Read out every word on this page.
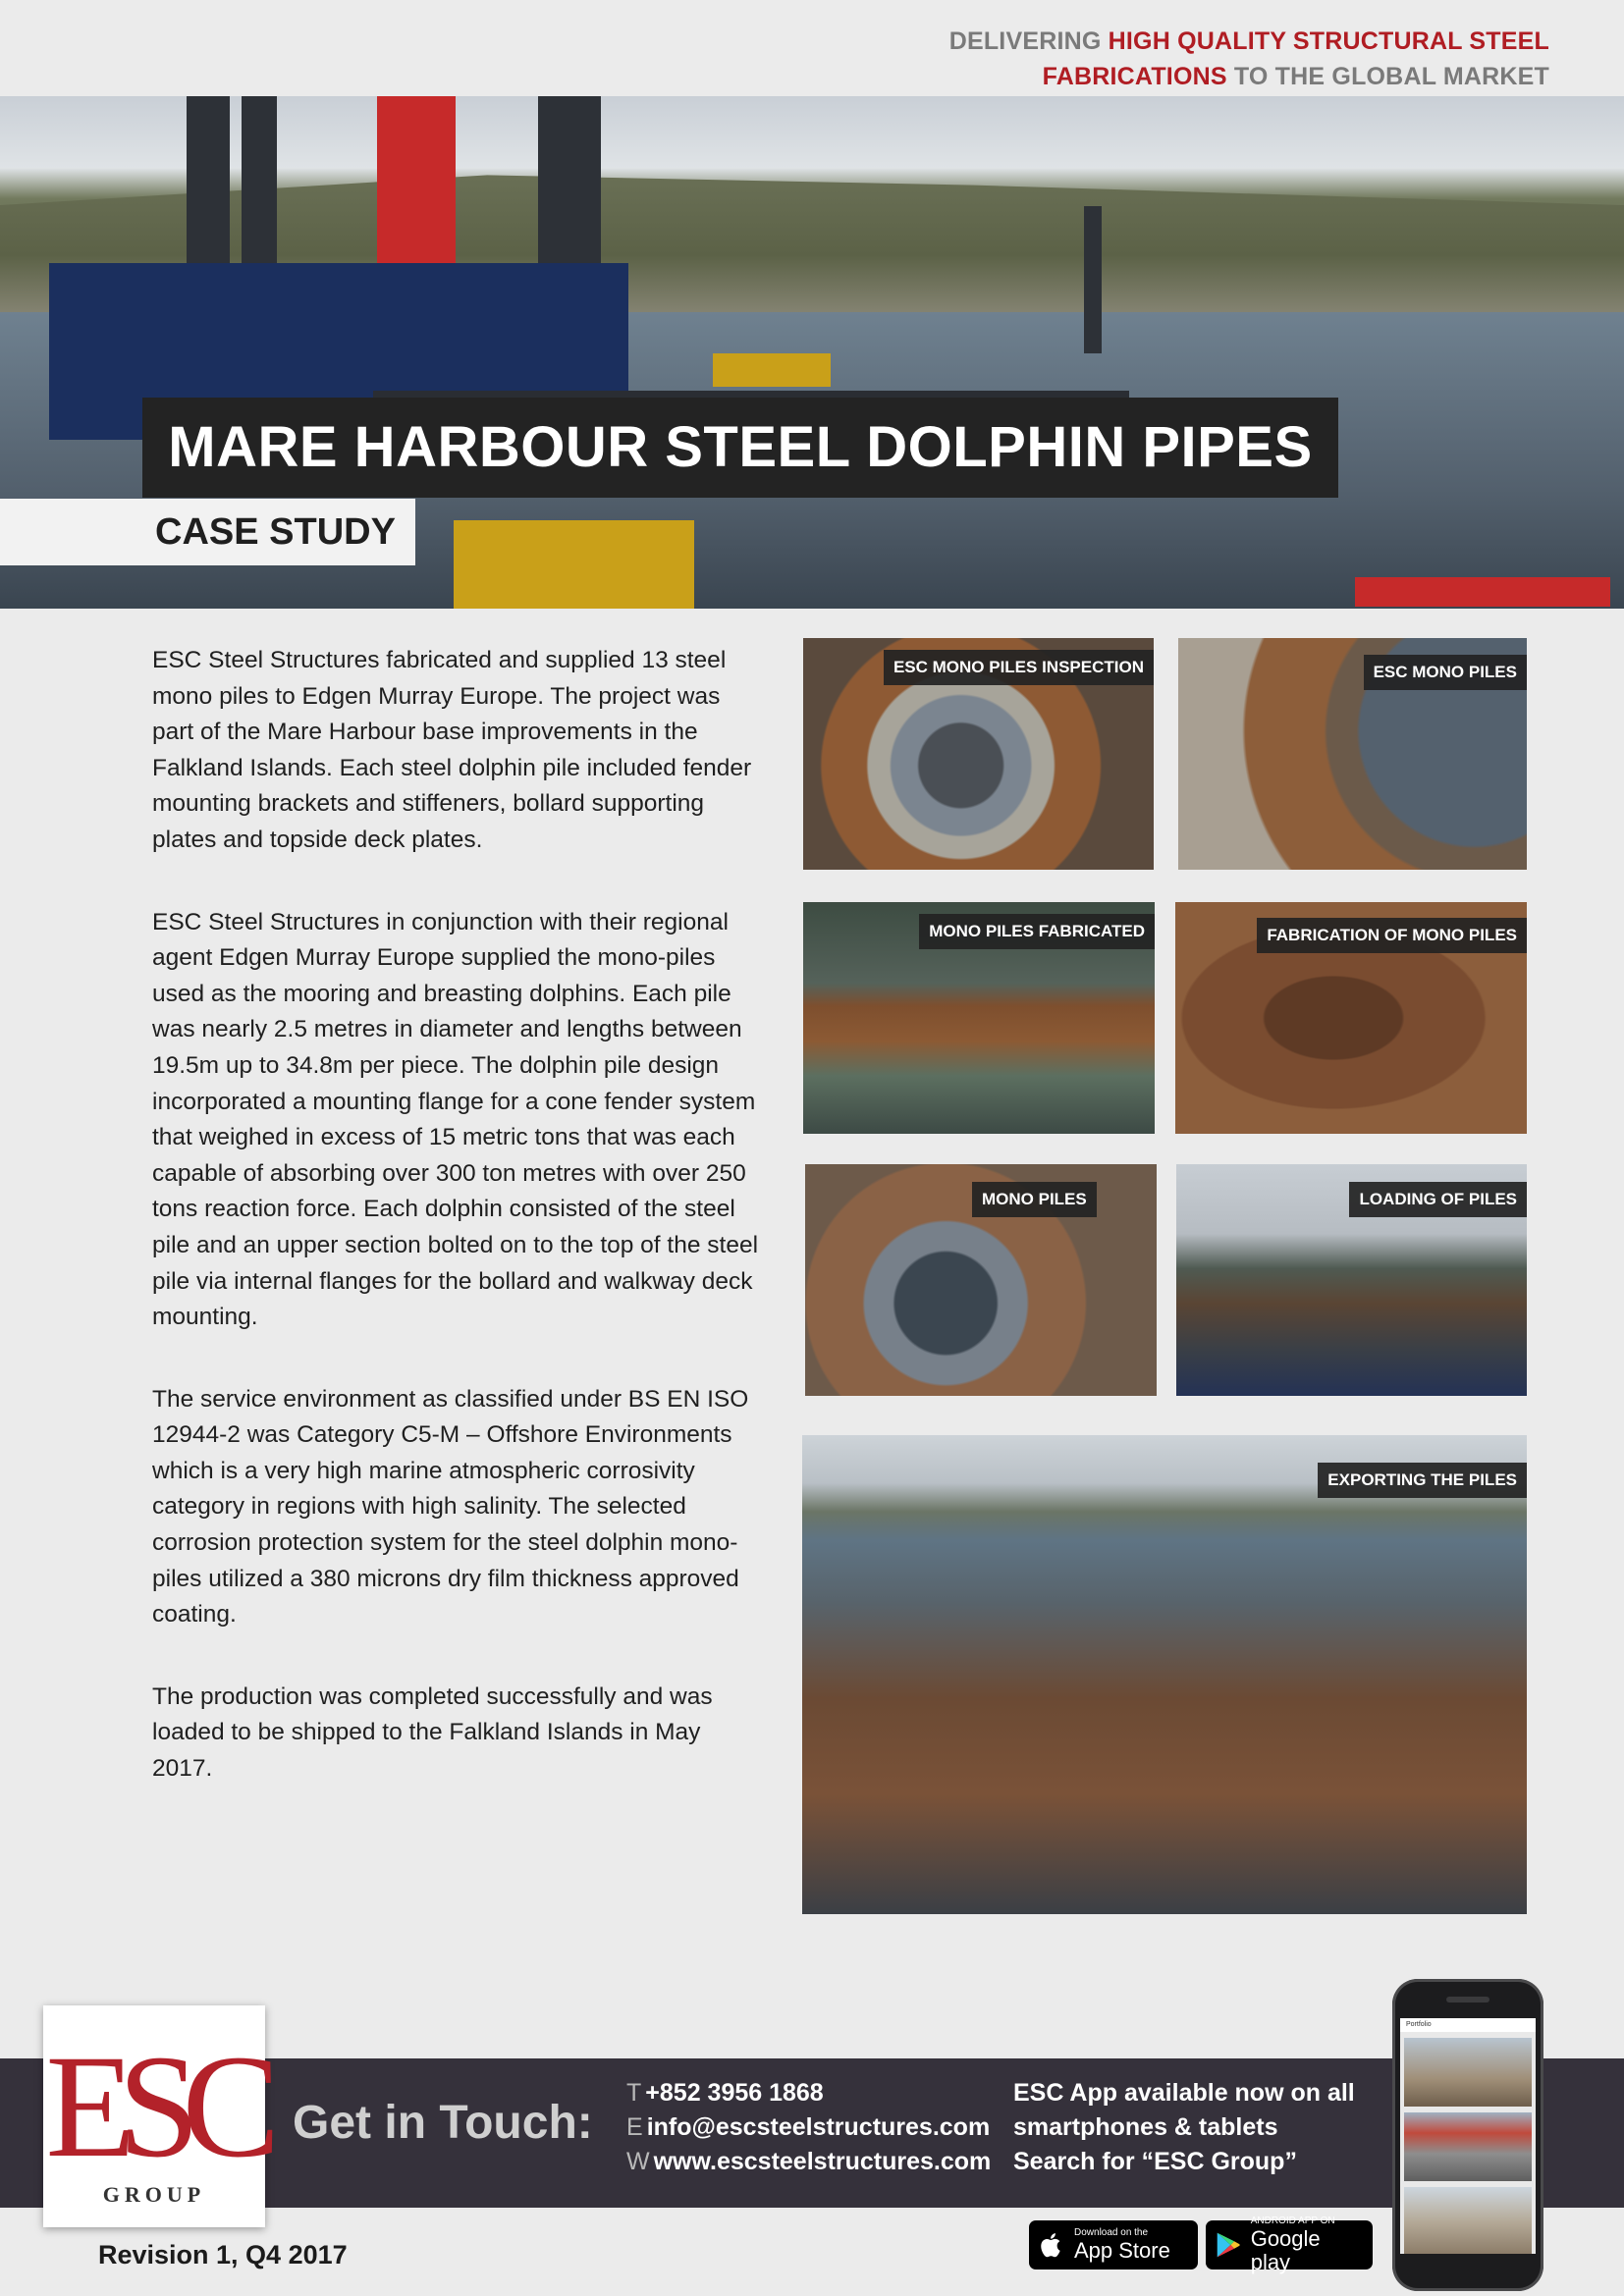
DELIVERING HIGH QUALITY STRUCTURAL STEEL
FABRICATIONS TO THE GLOBAL MARKET
MARE HARBOUR STEEL DOLPHIN PIPES
CASE STUDY

ESC Steel Structures fabricated and supplied 13 steel mono piles to Edgen Murray Europe. The project was part of the Mare Harbour base improvements in the Falkland Islands. Each steel dolphin pile included fender mounting brackets and stiffeners, bollard supporting plates and topside deck plates.

ESC Steel Structures in conjunction with their regional agent Edgen Murray Europe supplied the mono-piles used as the mooring and breasting dolphins. Each pile was nearly 2.5 metres in diameter and lengths between 19.5m up to 34.8m per piece. The dolphin pile design incorporated a mounting flange for a cone fender system that weighed in excess of 15 metric tons that was each capable of absorbing over 300 ton metres with over 250 tons reaction force. Each dolphin consisted of the steel pile and an upper section bolted on to the top of the steel pile via internal flanges for the bollard and walkway deck mounting.

The service environment as classified under BS EN ISO 12944-2 was Category C5-M – Offshore Environments which is a very high marine atmospheric corrosivity category in regions with high salinity. The selected corrosion protection system for the steel dolphin mono-piles utilized a 380 microns dry film thickness approved coating.

The production was completed successfully and was loaded to be shipped to the Falkland Islands in May 2017.

ESC MONO PILES INSPECTION	ESC MONO PILES
MONO PILES FABRICATED	FABRICATION OF MONO PILES
MONO PILES	LOADING OF PILES
EXPORTING THE PILES
ESC
GROUP
Get in Touch:
T +852 3956 1868
E info@escsteelstructures.com
W www.escsteelstructures.com
ESC App available now on all
smartphones & tablets
Search for “ESC Group”
Revision 1, Q4 2017
Download on the
App Store
ANDROID APP ON
Google play
Portfolio
